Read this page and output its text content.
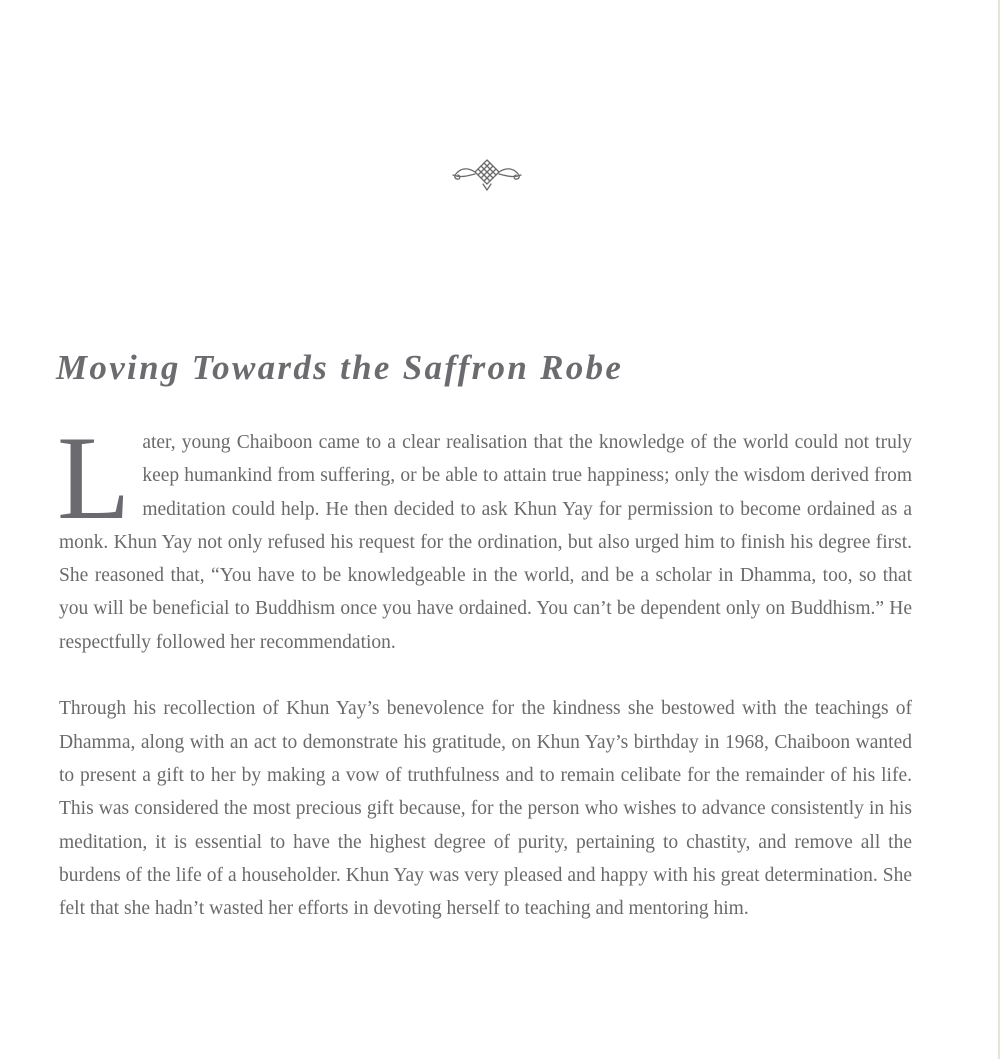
Moving Towards the Saffron Robe

Later, young Chaiboon came to a clear realisation that the knowledge of the world could not truly keep humankind from suffering, or be able to attain true happiness; only the wisdom derived from meditation could help. He then decided to ask Khun Yay for permission to become ordained as a monk. Khun Yay not only refused his request for the ordination, but also urged him to finish his degree first. She reasoned that, “You have to be knowledgeable in the world, and be a scholar in Dhamma, too, so that you will be beneficial to Buddhism once you have ordained. You can’t be dependent only on Buddhism.” He respectfully followed her recommendation.

Through his recollection of Khun Yay’s benevolence for the kindness she bestowed with the teachings of Dhamma, along with an act to demonstrate his gratitude, on Khun Yay’s birthday in 1968, Chaiboon wanted to present a gift to her by making a vow of truthfulness and to remain celibate for the remainder of his life. This was considered the most precious gift because, for the person who wishes to advance consistently in his meditation, it is essential to have the highest degree of purity, pertaining to chastity, and remove all the burdens of the life of a householder. Khun Yay was very pleased and happy with his great determination. She felt that she hadn’t wasted her efforts in devoting herself to teaching and mentoring him.
